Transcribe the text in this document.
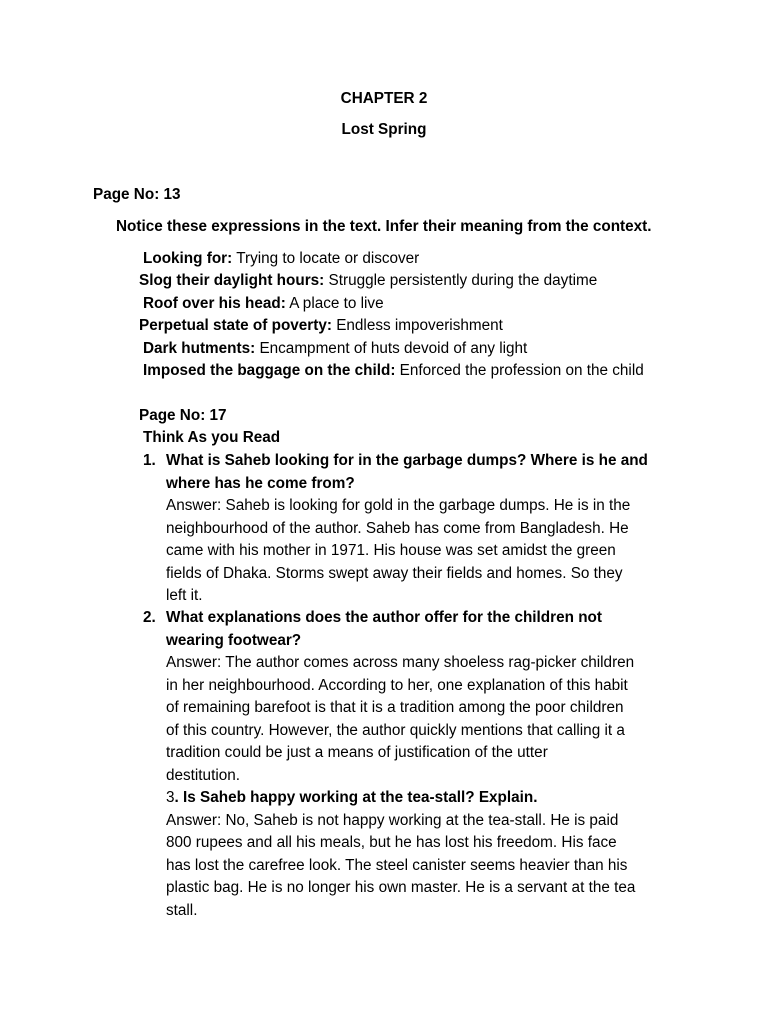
CHAPTER 2
Lost Spring
Page No: 13
Notice these expressions in the text. Infer their meaning from the context.
Looking for: Trying to locate or discover
Slog their daylight hours: Struggle persistently during the daytime
Roof over his head: A place to live
Perpetual state of poverty: Endless impoverishment
Dark hutments: Encampment of huts devoid of any light
Imposed the baggage on the child: Enforced the profession on the child
Page No: 17
Think As you Read
1. What is Saheb looking for in the garbage dumps? Where is he and
where has he come from?
Answer: Saheb is looking for gold in the garbage dumps. He is in the
neighbourhood of the author. Saheb has come from Bangladesh. He
came with his mother in 1971. His house was set amidst the green
fields of Dhaka. Storms swept away their fields and homes. So they
left it.
2. What explanations does the author offer for the children not
wearing footwear?
Answer: The author comes across many shoeless rag-picker children
in her neighbourhood. According to her, one explanation of this habit
of remaining barefoot is that it is a tradition among the poor children
of this country. However, the author quickly mentions that calling it a
tradition could be just a means of justification of the utter
destitution.
3. Is Saheb happy working at the tea-stall? Explain.
Answer: No, Saheb is not happy working at the tea-stall. He is paid
800 rupees and all his meals, but he has lost his freedom. His face
has lost the carefree look. The steel canister seems heavier than his
plastic bag. He is no longer his own master. He is a servant at the tea
stall.
